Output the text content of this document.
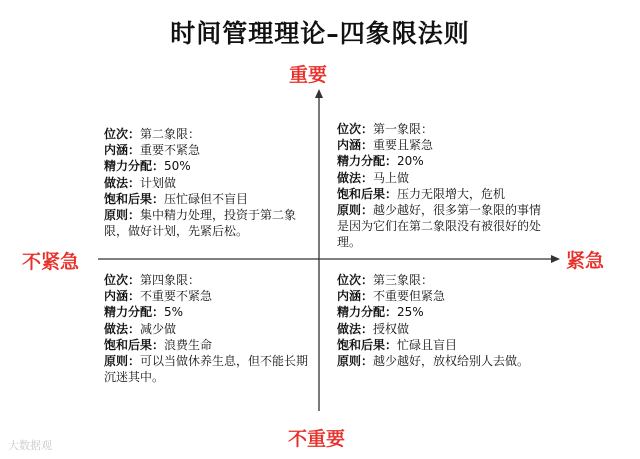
时间管理理论–四象限法则
重要
不重要
不紧急	紧急
位次：第二象限：
内涵：重要不紧急
精力分配：50%
做法：计划做
饱和后果：压忙碌但不盲目
原则：集中精力处理，投资于第二象限，做好计划，先紧后松。
位次：第一象限：
内涵：重要且紧急
精力分配：20%
做法：马上做
饱和后果：压力无限增大，危机
原则：越少越好，很多第一象限的事情是因为它们在第二象限没有被很好的处理。
位次：第四象限：
内涵：不重要不紧急
精力分配：5%
做法：减少做
饱和后果：浪费生命
原则：可以当做休养生息，但不能长期沉迷其中。
位次：第三象限：
内涵：不重要但紧急
精力分配：25%
做法：授权做
饱和后果：忙碌且盲目
原则：越少越好，放权给别人去做。
大数据观
